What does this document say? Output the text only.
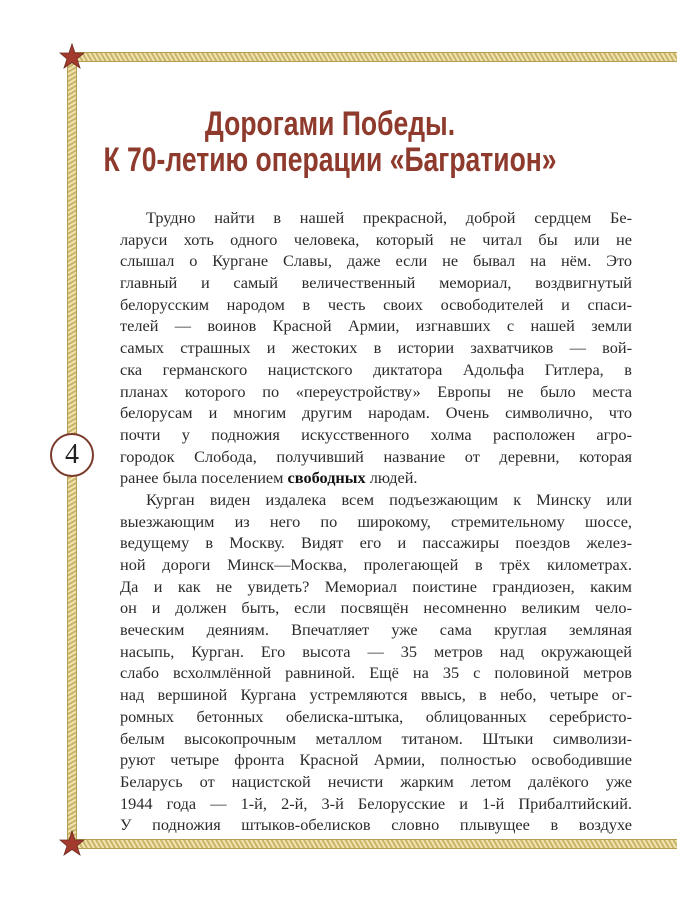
4
Дорогами Победы.
К 70-летию операции «Багратион»
Трудно найти в нашей прекрасной, доброй сердцем Бе-
ларуси хоть одного человека, который не читал бы или не
слышал о Кургане Славы, даже если не бывал на нём. Это
главный и самый величественный мемориал, воздвигнутый
белорусским народом в честь своих освободителей и спаси-
телей — воинов Красной Армии, изгнавших с нашей земли
самых страшных и жестоких в истории захватчиков — вой-
ска германского нацистского диктатора Адольфа Гитлера, в
планах которого по «переустройству» Европы не было места
белорусам и многим другим народам. Очень символично, что
почти у подножия искусственного холма расположен агро-
городок Слобода, получивший название от деревни, которая
ранее была поселением свободных людей.
Курган виден издалека всем подъезжающим к Минску или
выезжающим из него по широкому, стремительному шоссе,
ведущему в Москву. Видят его и пассажиры поездов желез-
ной дороги Минск—Москва, пролегающей в трёх километрах.
Да и как не увидеть? Мемориал поистине грандиозен, каким
он и должен быть, если посвящён несомненно великим чело-
веческим деяниям. Впечатляет уже сама круглая земляная
насыпь, Курган. Его высота — 35 метров над окружающей
слабо всхолмлённой равниной. Ещё на 35 с половиной метров
над вершиной Кургана устремляются ввысь, в небо, четыре ог-
ромных бетонных обелиска-штыка, облицованных серебристо-
белым высокопрочным металлом титаном. Штыки символизи-
руют четыре фронта Красной Армии, полностью освободившие
Беларусь от нацистской нечисти жарким летом далёкого уже
1944 года — 1-й, 2-й, 3-й Белорусские и 1-й Прибалтийский.
У подножия штыков-обелисков словно плывущее в воздухе
